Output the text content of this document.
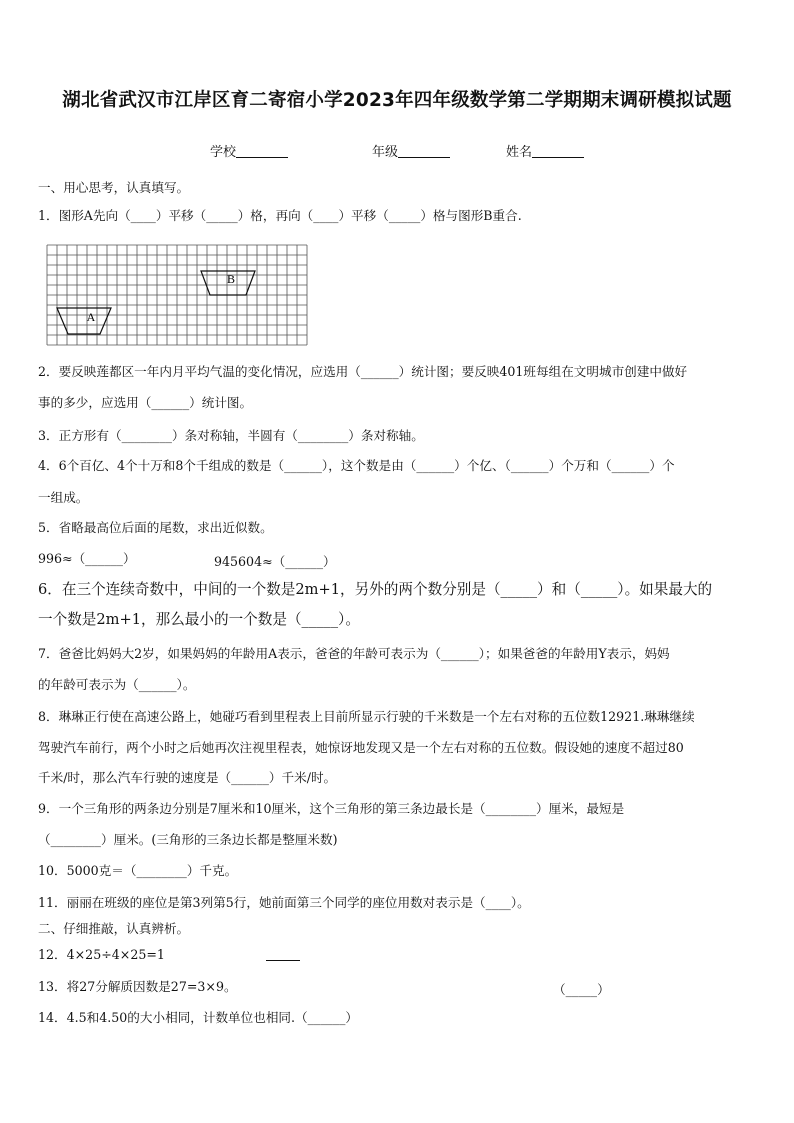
湖北省武汉市江岸区育二寄宿小学2023年四年级数学第二学期期末调研模拟试题
学校	年级	姓名
一、用心思考，认真填写。
1．图形A先向（____）平移（_____）格，再向（____）平移（_____）格与图形B重合.
B
A
2．要反映莲都区一年内月平均气温的变化情况，应选用（______）统计图；要反映401班每组在文明城市创建中做好
事的多少，应选用（______）统计图。
3．正方形有（________）条对称轴，半圆有（________）条对称轴。
4．6个百亿、4个十万和8个千组成的数是（______），这个数是由（______）个亿、（______）个万和（______）个
一组成。
5．省略最高位后面的尾数，求出近似数。
996≈（______）	945604≈（______）
6．在三个连续奇数中，中间的一个数是2m+1，另外的两个数分别是（_____）和（_____）。如果最大的
一个数是2m+1，那么最小的一个数是（_____）。
7．爸爸比妈妈大2岁，如果妈妈的年龄用A表示，爸爸的年龄可表示为（______）；如果爸爸的年龄用Y表示，妈妈
的年龄可表示为（______）。
8．琳琳正行使在高速公路上，她碰巧看到里程表上目前所显示行驶的千米数是一个左右对称的五位数12921.琳琳继续
驾驶汽车前行，两个小时之后她再次注视里程表，她惊讶地发现又是一个左右对称的五位数。假设她的速度不超过80
千米/时，那么汽车行驶的速度是（______）千米/时。
9．一个三角形的两条边分别是7厘米和10厘米，这个三角形的第三条边最长是（________）厘米，最短是
（________）厘米。(三角形的三条边长都是整厘米数)
10．5000克＝（________）千克。
11．丽丽在班级的座位是第3列第5行，她前面第三个同学的座位用数对表示是（____）。
二、仔细推敲，认真辨析。
12．4×25÷4×25=1
13．将27分解质因数是27=3×9。	（_____）
14．4.5和4.50的大小相同，计数单位也相同.（______）
